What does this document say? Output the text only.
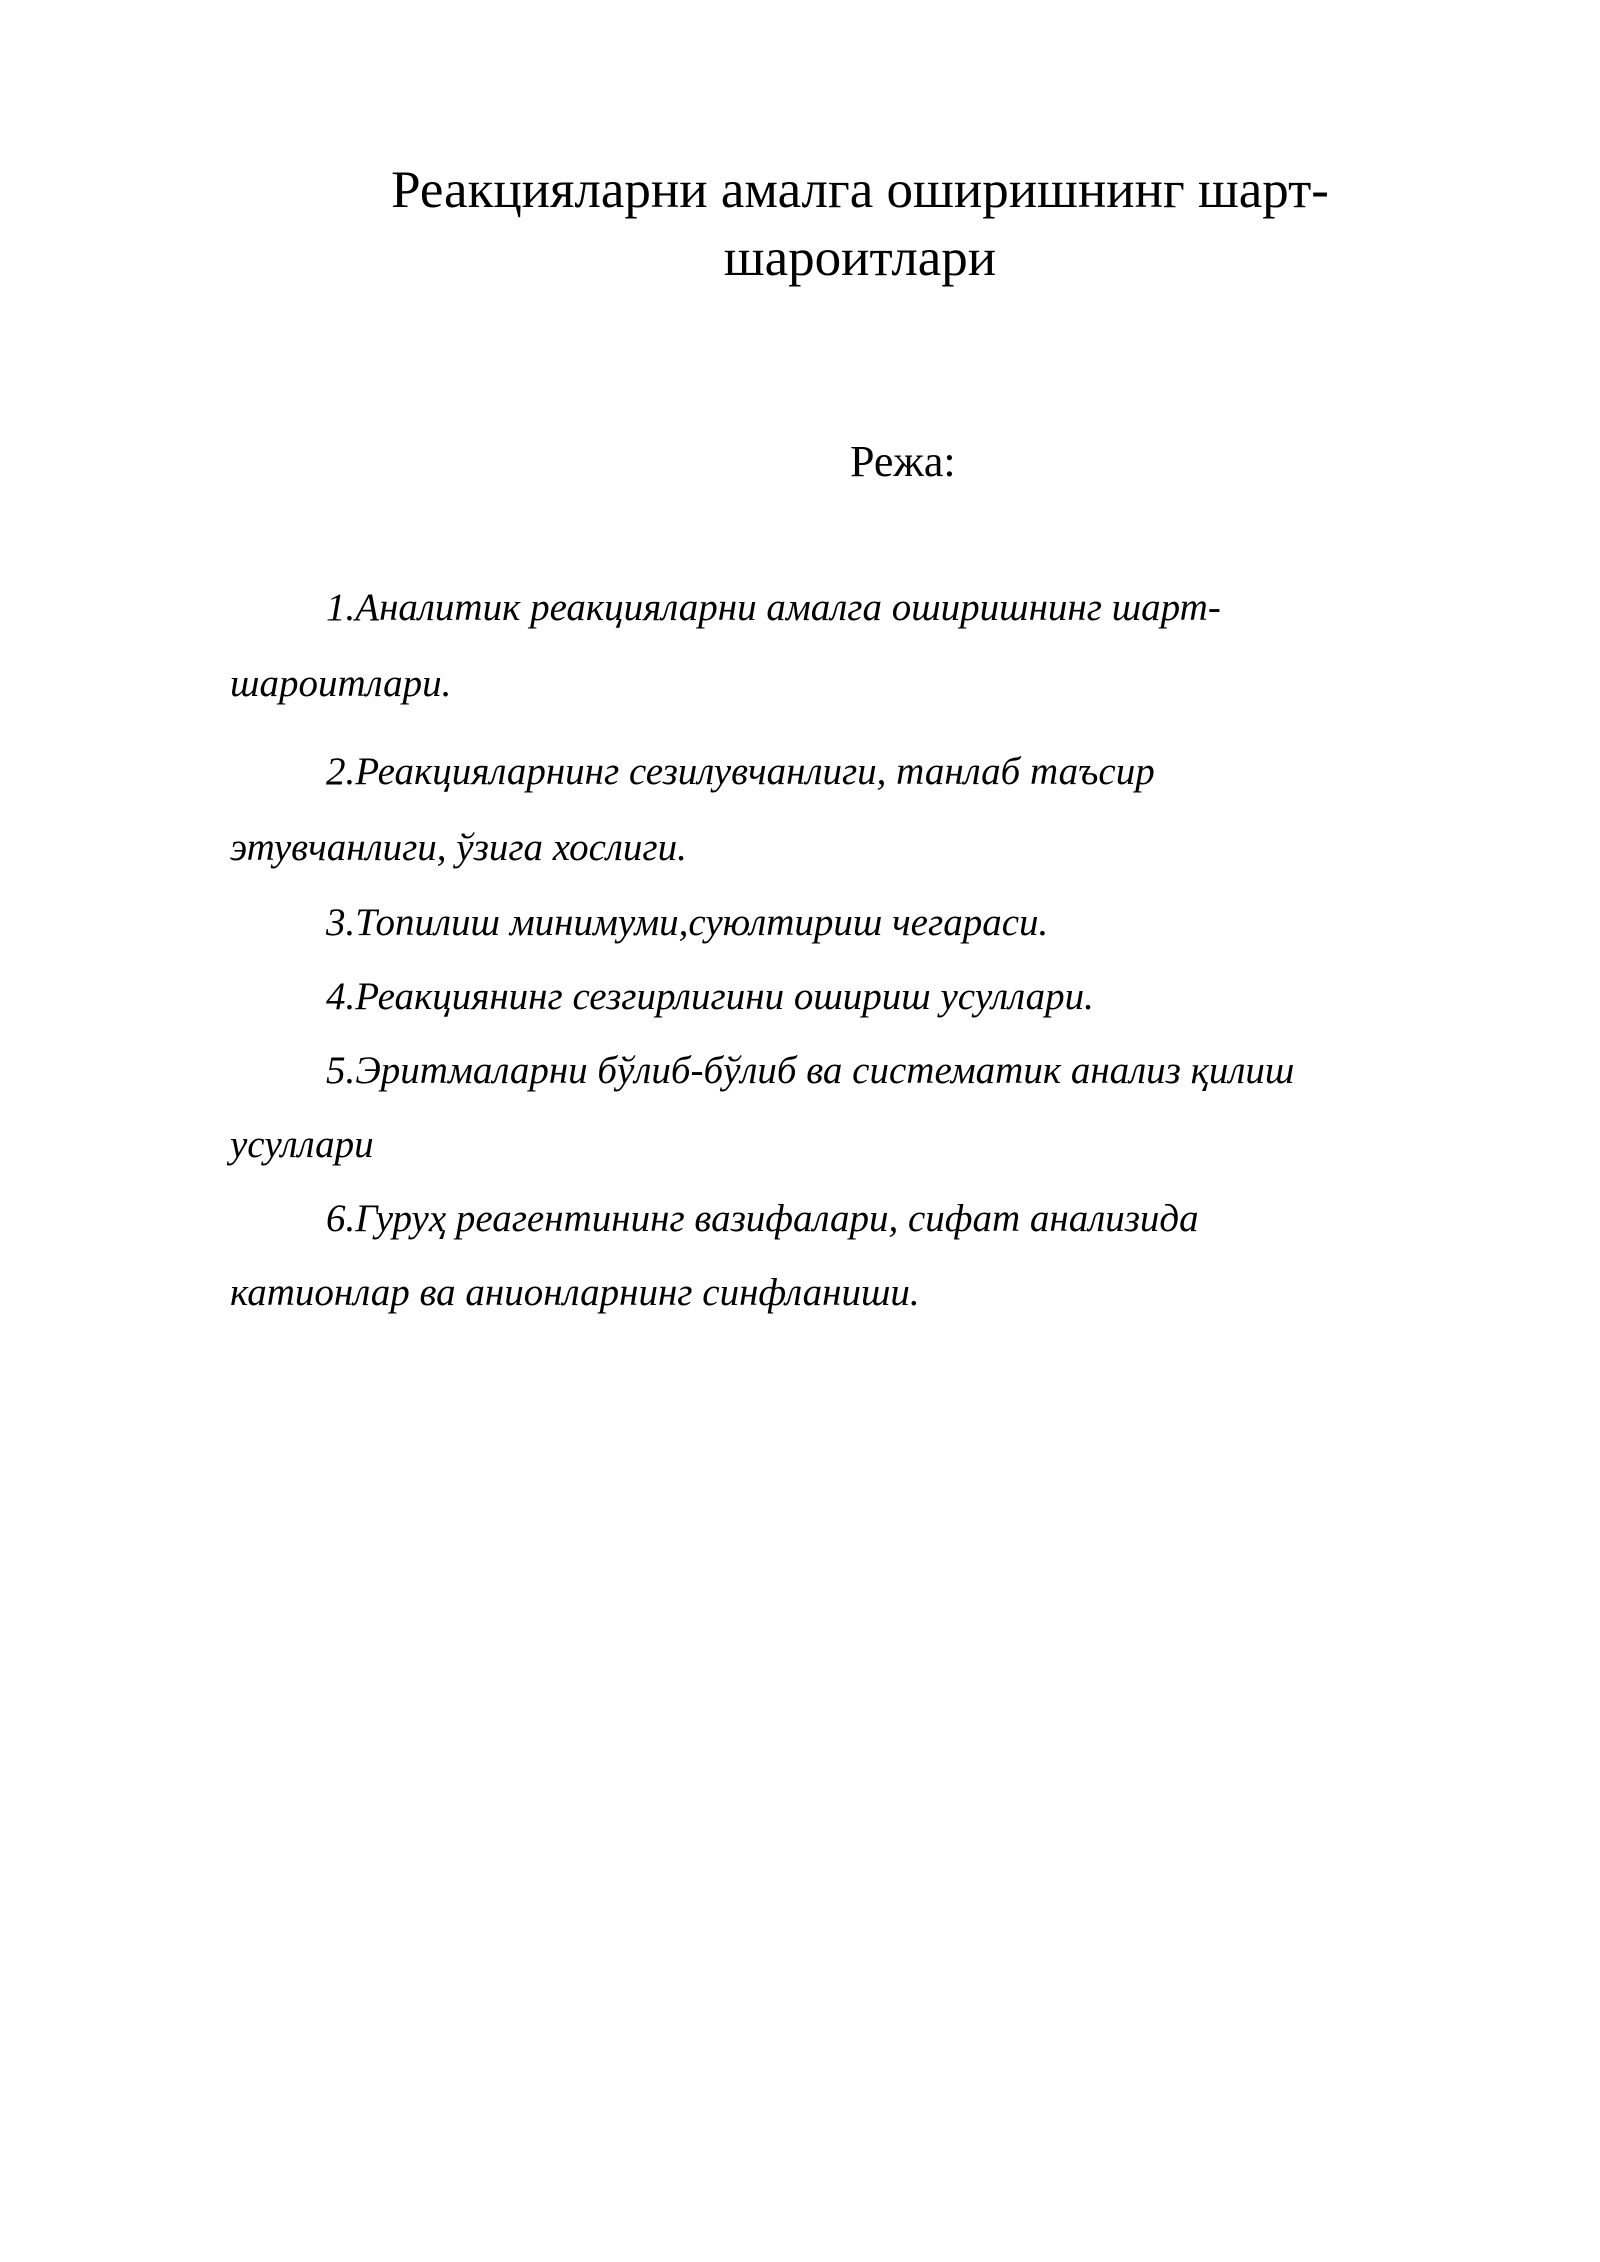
Реакцияларни амалга оширишнинг шарт-
шароитлари
Режа:
1.Аналитик реакцияларни амалга оширишнинг шарт-
шароитлари.
2.Реакцияларнинг сезилувчанлиги, танлаб таъсир
этувчанлиги, ўзига хослиги.
3.Топилиш минимуми,суюлтириш чегараси.
4.Реакциянинг сезгирлигини ошириш усуллари.
5.Эритмаларни бўлиб-бўлиб ва систематик анализ қилиш
усуллари
6.Гуруҳ реагентининг вазифалари, сифат анализида
катионлар ва анионларнинг синфланиши.
